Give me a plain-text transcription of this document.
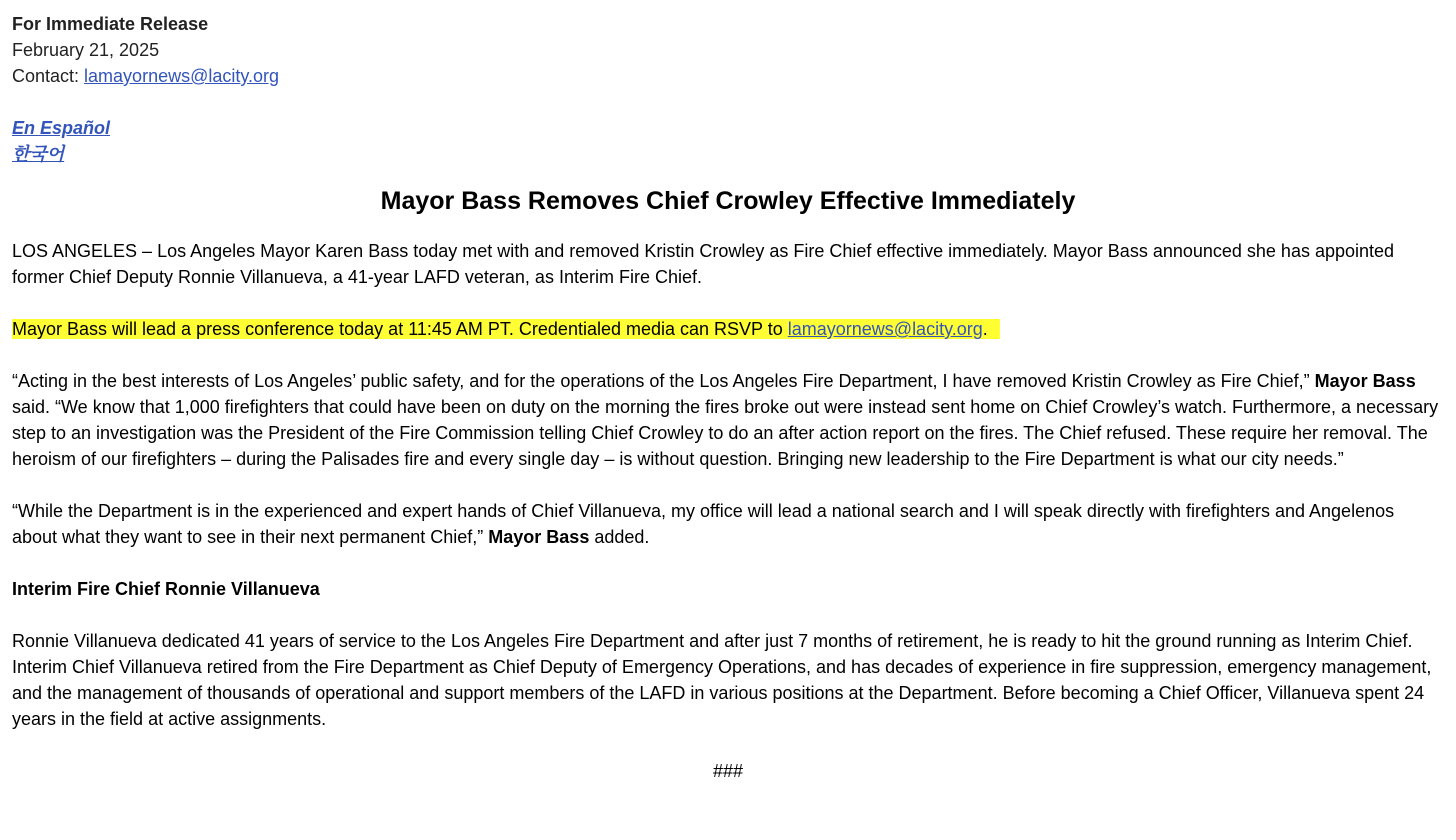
For Immediate Release
February 21, 2025
Contact: lamayornews@lacity.org
En Español
한국어
Mayor Bass Removes Chief Crowley Effective Immediately

LOS ANGELES – Los Angeles Mayor Karen Bass today met with and removed Kristin Crowley as Fire Chief effective immediately. Mayor Bass announced she has appointed former Chief Deputy Ronnie Villanueva, a 41-year LAFD veteran, as Interim Fire Chief.

Mayor Bass will lead a press conference today at 11:45 AM PT. Credentialed media can RSVP to lamayornews@lacity.org.

“Acting in the best interests of Los Angeles’ public safety, and for the operations of the Los Angeles Fire Department, I have removed Kristin Crowley as Fire Chief,” Mayor Bass said. “We know that 1,000 firefighters that could have been on duty on the morning the fires broke out were instead sent home on Chief Crowley’s watch. Furthermore, a necessary step to an investigation was the President of the Fire Commission telling Chief Crowley to do an after action report on the fires. The Chief refused. These require her removal. The heroism of our firefighters – during the Palisades fire and every single day – is without question. Bringing new leadership to the Fire Department is what our city needs.”

“While the Department is in the experienced and expert hands of Chief Villanueva, my office will lead a national search and I will speak directly with firefighters and Angelenos about what they want to see in their next permanent Chief,” Mayor Bass added.

Interim Fire Chief Ronnie Villanueva

Ronnie Villanueva dedicated 41 years of service to the Los Angeles Fire Department and after just 7 months of retirement, he is ready to hit the ground running as Interim Chief. Interim Chief Villanueva retired from the Fire Department as Chief Deputy of Emergency Operations, and has decades of experience in fire suppression, emergency management, and the management of thousands of operational and support members of the LAFD in various positions at the Department. Before becoming a Chief Officer, Villanueva spent 24 years in the field at active assignments.

###
